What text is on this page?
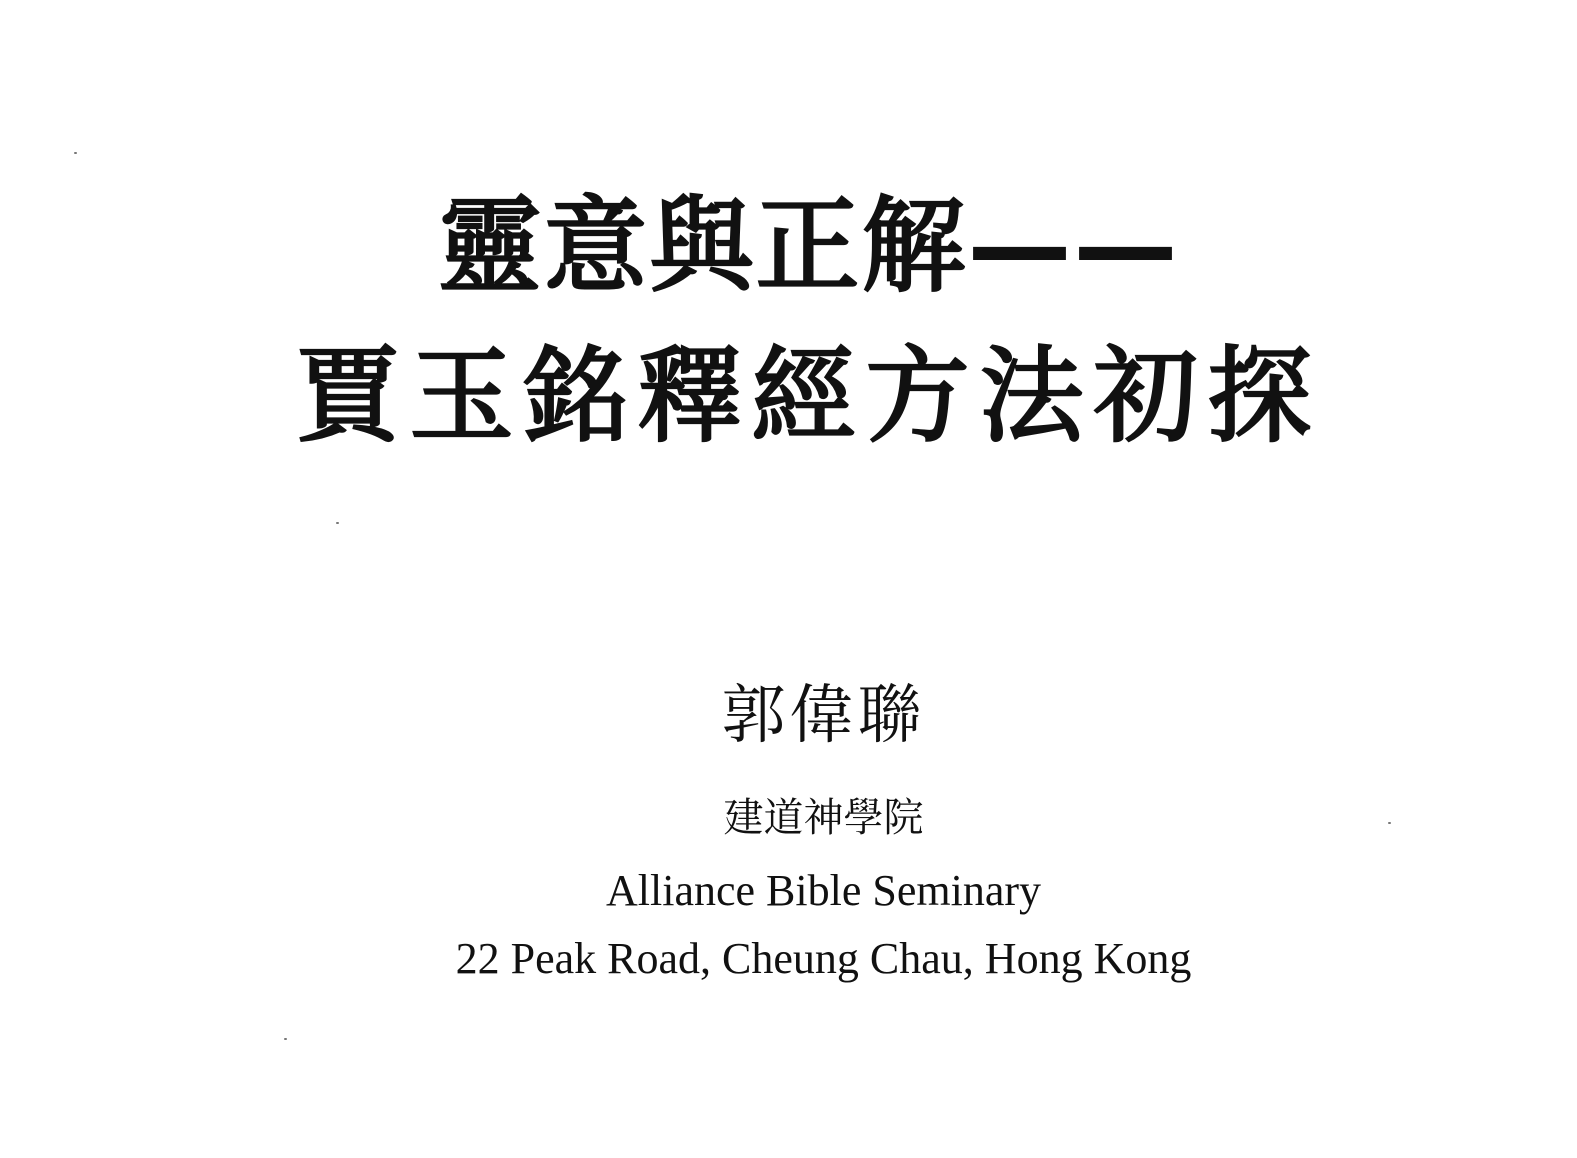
靈意與正解——
賈玉銘釋經方法初探
郭偉聯
建道神學院
Alliance Bible Seminary
22 Peak Road, Cheung Chau, Hong Kong
